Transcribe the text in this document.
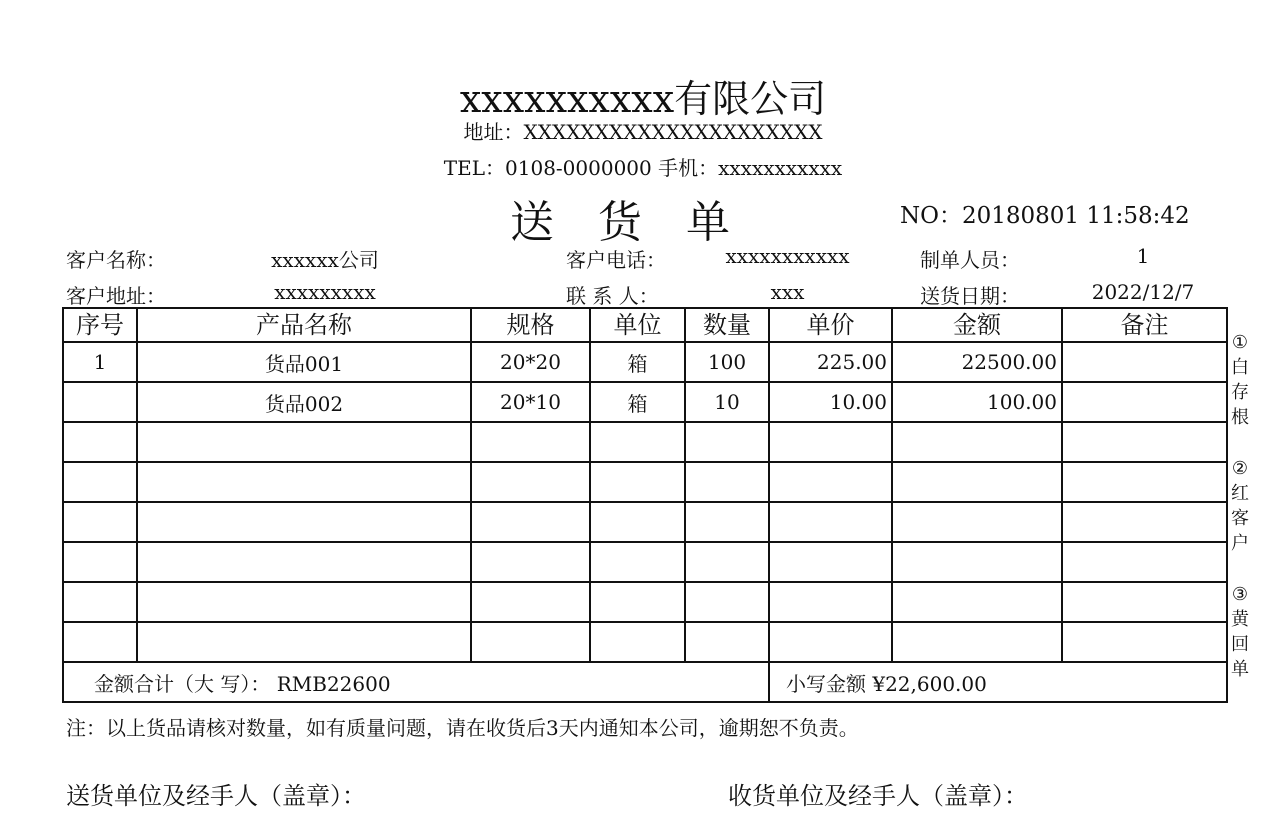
xxxxxxxxxx有限公司
地址：XXXXXXXXXXXXXXXXXXXXX
TEL：0108-0000000 手机：xxxxxxxxxxx
送货单	NO：20180801 11:58:42
客户名称：	xxxxxx公司	客户电话：	xxxxxxxxxxx	制单人员：	1
客户地址：	xxxxxxxxx	联 系 人：	xxx	送货日期：	2022/12/7
序号	产品名称	规格	单位	数量	单价	金额	备注
1	货品001	20*20	箱	100	225.00	22500.00	
	货品002	20*10	箱	10	10.00	100.00	

金额合计（大 写）： RMB22600					小写金额 ¥22,600.00		
①
白
存
根
②
红
客
户
③
黄
回
单
注：以上货品请核对数量，如有质量问题，请在收货后3天内通知本公司，逾期恕不负责。
送货单位及经手人（盖章）：	收货单位及经手人（盖章）：
